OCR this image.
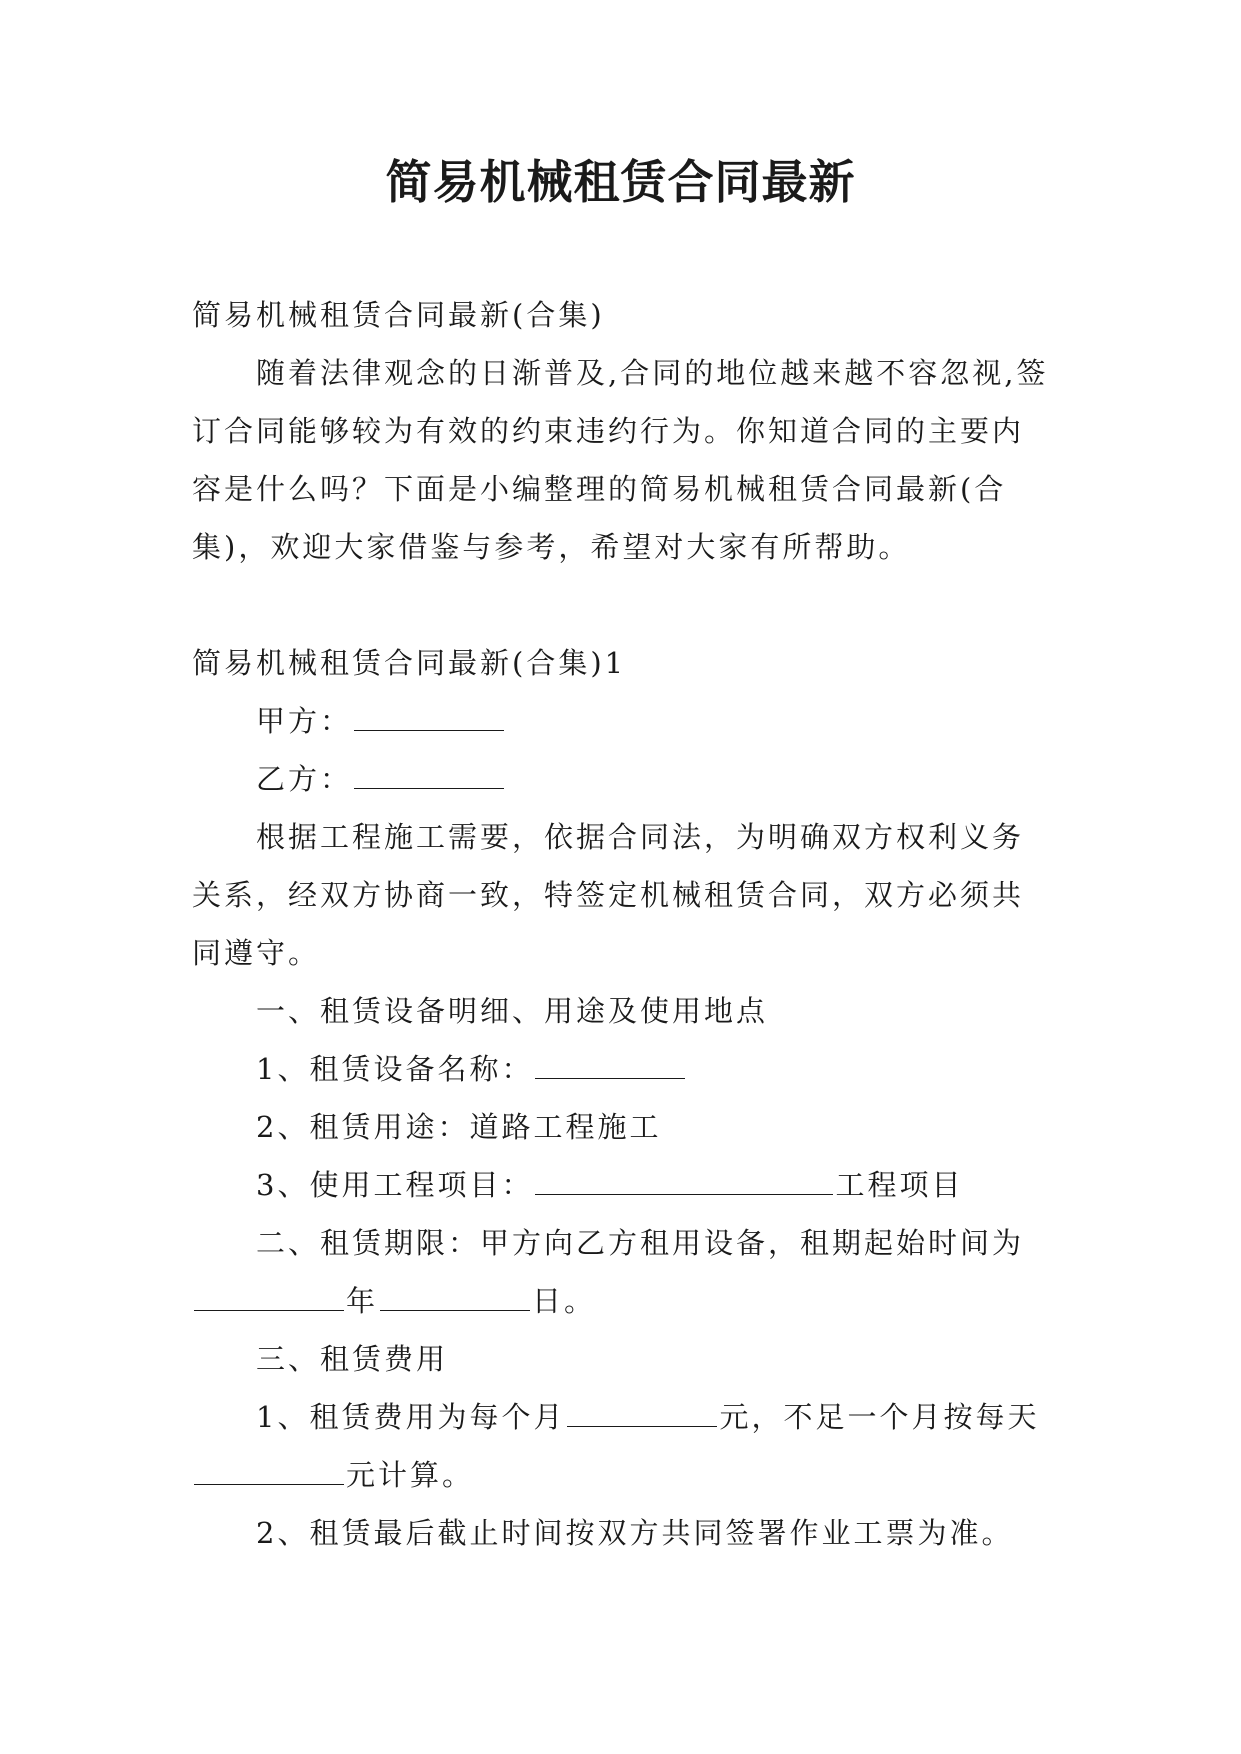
简易机械租赁合同最新

简易机械租赁合同最新(合集)

随着法律观念的日渐普及,合同的地位越来越不容忽视,签订合同能够较为有效的约束违约行为。你知道合同的主要内容是什么吗？下面是小编整理的简易机械租赁合同最新(合集)，欢迎大家借鉴与参考，希望对大家有所帮助。

简易机械租赁合同最新(合集)1

甲方：

乙方：

根据工程施工需要，依据合同法，为明确双方权利义务关系，经双方协商一致，特签定机械租赁合同，双方必须共同遵守。

一、租赁设备明细、用途及使用地点

1、租赁设备名称：

2、租赁用途：道路工程施工

3、使用工程项目：	工程项目

二、租赁期限：甲方向乙方租用设备，租期起始时间为年	日。

三、租赁费用

1、租赁费用为每个月	元，不足一个月按每天元计算。

2、租赁最后截止时间按双方共同签署作业工票为准。
